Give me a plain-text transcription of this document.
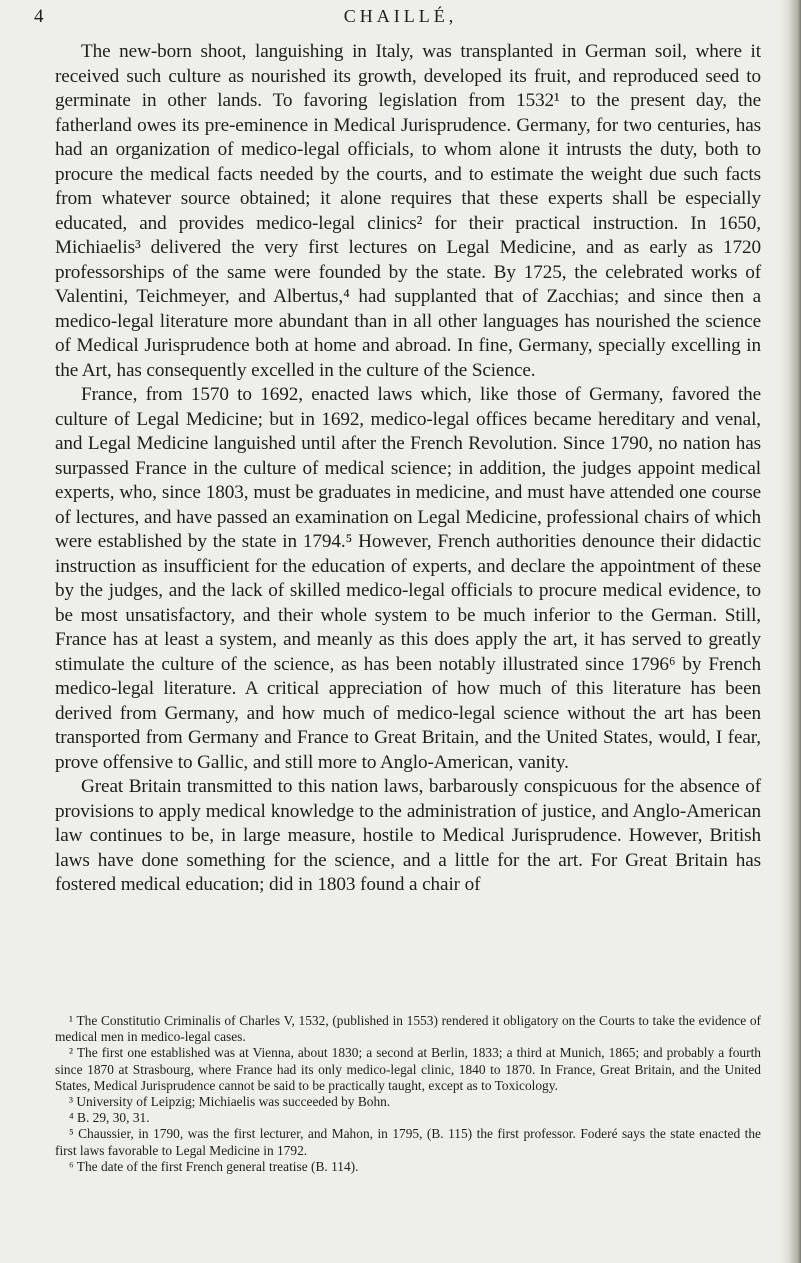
4	CHAILLÉ,

The new-born shoot, languishing in Italy, was transplanted in German soil, where it received such culture as nourished its growth, developed its fruit, and reproduced seed to germinate in other lands. To favoring legislation from 1532¹ to the present day, the fatherland owes its pre-eminence in Medical Jurisprudence. Germany, for two centuries, has had an organization of medico-legal officials, to whom alone it intrusts the duty, both to procure the medical facts needed by the courts, and to estimate the weight due such facts from whatever source obtained; it alone requires that these experts shall be especially educated, and provides medico-legal clinics² for their practical instruction. In 1650, Michiaelis³ delivered the very first lectures on Legal Medicine, and as early as 1720 professorships of the same were founded by the state. By 1725, the celebrated works of Valentini, Teichmeyer, and Albertus,⁴ had supplanted that of Zacchias; and since then a medico-legal literature more abundant than in all other languages has nourished the science of Medical Jurisprudence both at home and abroad. In fine, Germany, specially excelling in the Art, has consequently excelled in the culture of the Science.

France, from 1570 to 1692, enacted laws which, like those of Germany, favored the culture of Legal Medicine; but in 1692, medico-legal offices became hereditary and venal, and Legal Medicine languished until after the French Revolution. Since 1790, no nation has surpassed France in the culture of medical science; in addition, the judges appoint medical experts, who, since 1803, must be graduates in medicine, and must have attended one course of lectures, and have passed an examination on Legal Medicine, professional chairs of which were established by the state in 1794.⁵ However, French authorities denounce their didactic instruction as insufficient for the education of experts, and declare the appointment of these by the judges, and the lack of skilled medico-legal officials to procure medical evidence, to be most unsatisfactory, and their whole system to be much inferior to the German. Still, France has at least a system, and meanly as this does apply the art, it has served to greatly stimulate the culture of the science, as has been notably illustrated since 1796⁶ by French medico-legal literature. A critical appreciation of how much of this literature has been derived from Germany, and how much of medico-legal science without the art has been transported from Germany and France to Great Britain, and the United States, would, I fear, prove offensive to Gallic, and still more to Anglo-American, vanity.

Great Britain transmitted to this nation laws, barbarously conspicuous for the absence of provisions to apply medical knowledge to the administration of justice, and Anglo-American law continues to be, in large measure, hostile to Medical Jurisprudence. However, British laws have done something for the science, and a little for the art. For Great Britain has fostered medical education; did in 1803 found a chair of

¹ The Constitutio Criminalis of Charles V, 1532, (published in 1553) rendered it obligatory on the Courts to take the evidence of medical men in medico-legal cases.

² The first one established was at Vienna, about 1830; a second at Berlin, 1833; a third at Munich, 1865; and probably a fourth since 1870 at Strasbourg, where France had its only medico-legal clinic, 1840 to 1870. In France, Great Britain, and the United States, Medical Jurisprudence cannot be said to be practically taught, except as to Toxicology.

³ University of Leipzig; Michiaelis was succeeded by Bohn.

⁴ B. 29, 30, 31.

⁵ Chaussier, in 1790, was the first lecturer, and Mahon, in 1795, (B. 115) the first professor. Foderé says the state enacted the first laws favorable to Legal Medicine in 1792.

⁶ The date of the first French general treatise (B. 114).
